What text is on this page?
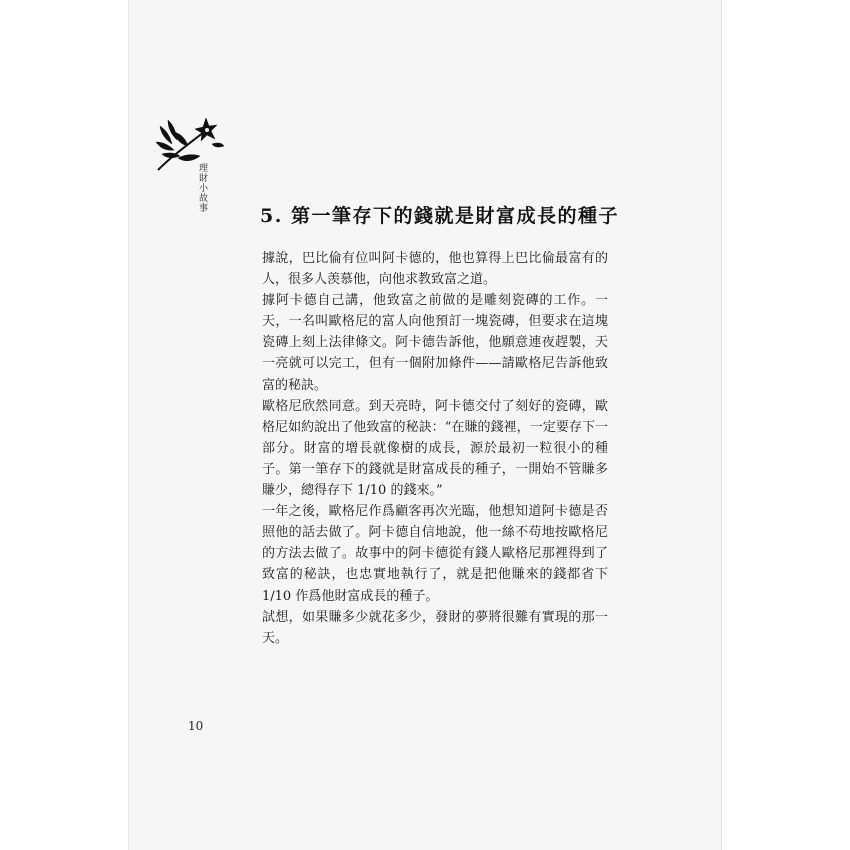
理財小故事
5. 第一筆存下的錢就是財富成長的種子

據說，巴比倫有位叫阿卡德的，他也算得上巴比倫最富有的人，很多人羡慕他，向他求教致富之道。

據阿卡德自己講，他致富之前做的是雕刻瓷磚的工作。一天，一名叫歐格尼的富人向他預訂一塊瓷磚，但要求在這塊瓷磚上刻上法律條文。阿卡德告訴他，他願意連夜趕製，天一亮就可以完工，但有一個附加條件——請歐格尼告訴他致富的秘訣。

歐格尼欣然同意。到天亮時，阿卡德交付了刻好的瓷磚，歐格尼如約說出了他致富的秘訣：“在賺的錢裡，一定要存下一部分。財富的增長就像樹的成長，源於最初一粒很小的種子。第一筆存下的錢就是財富成長的種子，一開始不管賺多賺少，總得存下 1/10 的錢來。”

一年之後，歐格尼作爲顧客再次光臨，他想知道阿卡德是否照他的話去做了。阿卡德自信地說，他一絲不苟地按歐格尼的方法去做了。故事中的阿卡德從有錢人歐格尼那裡得到了致富的秘訣，也忠實地執行了，就是把他賺來的錢都省下 1/10 作爲他財富成長的種子。

試想，如果賺多少就花多少，發財的夢將很難有實現的那一天。

10
